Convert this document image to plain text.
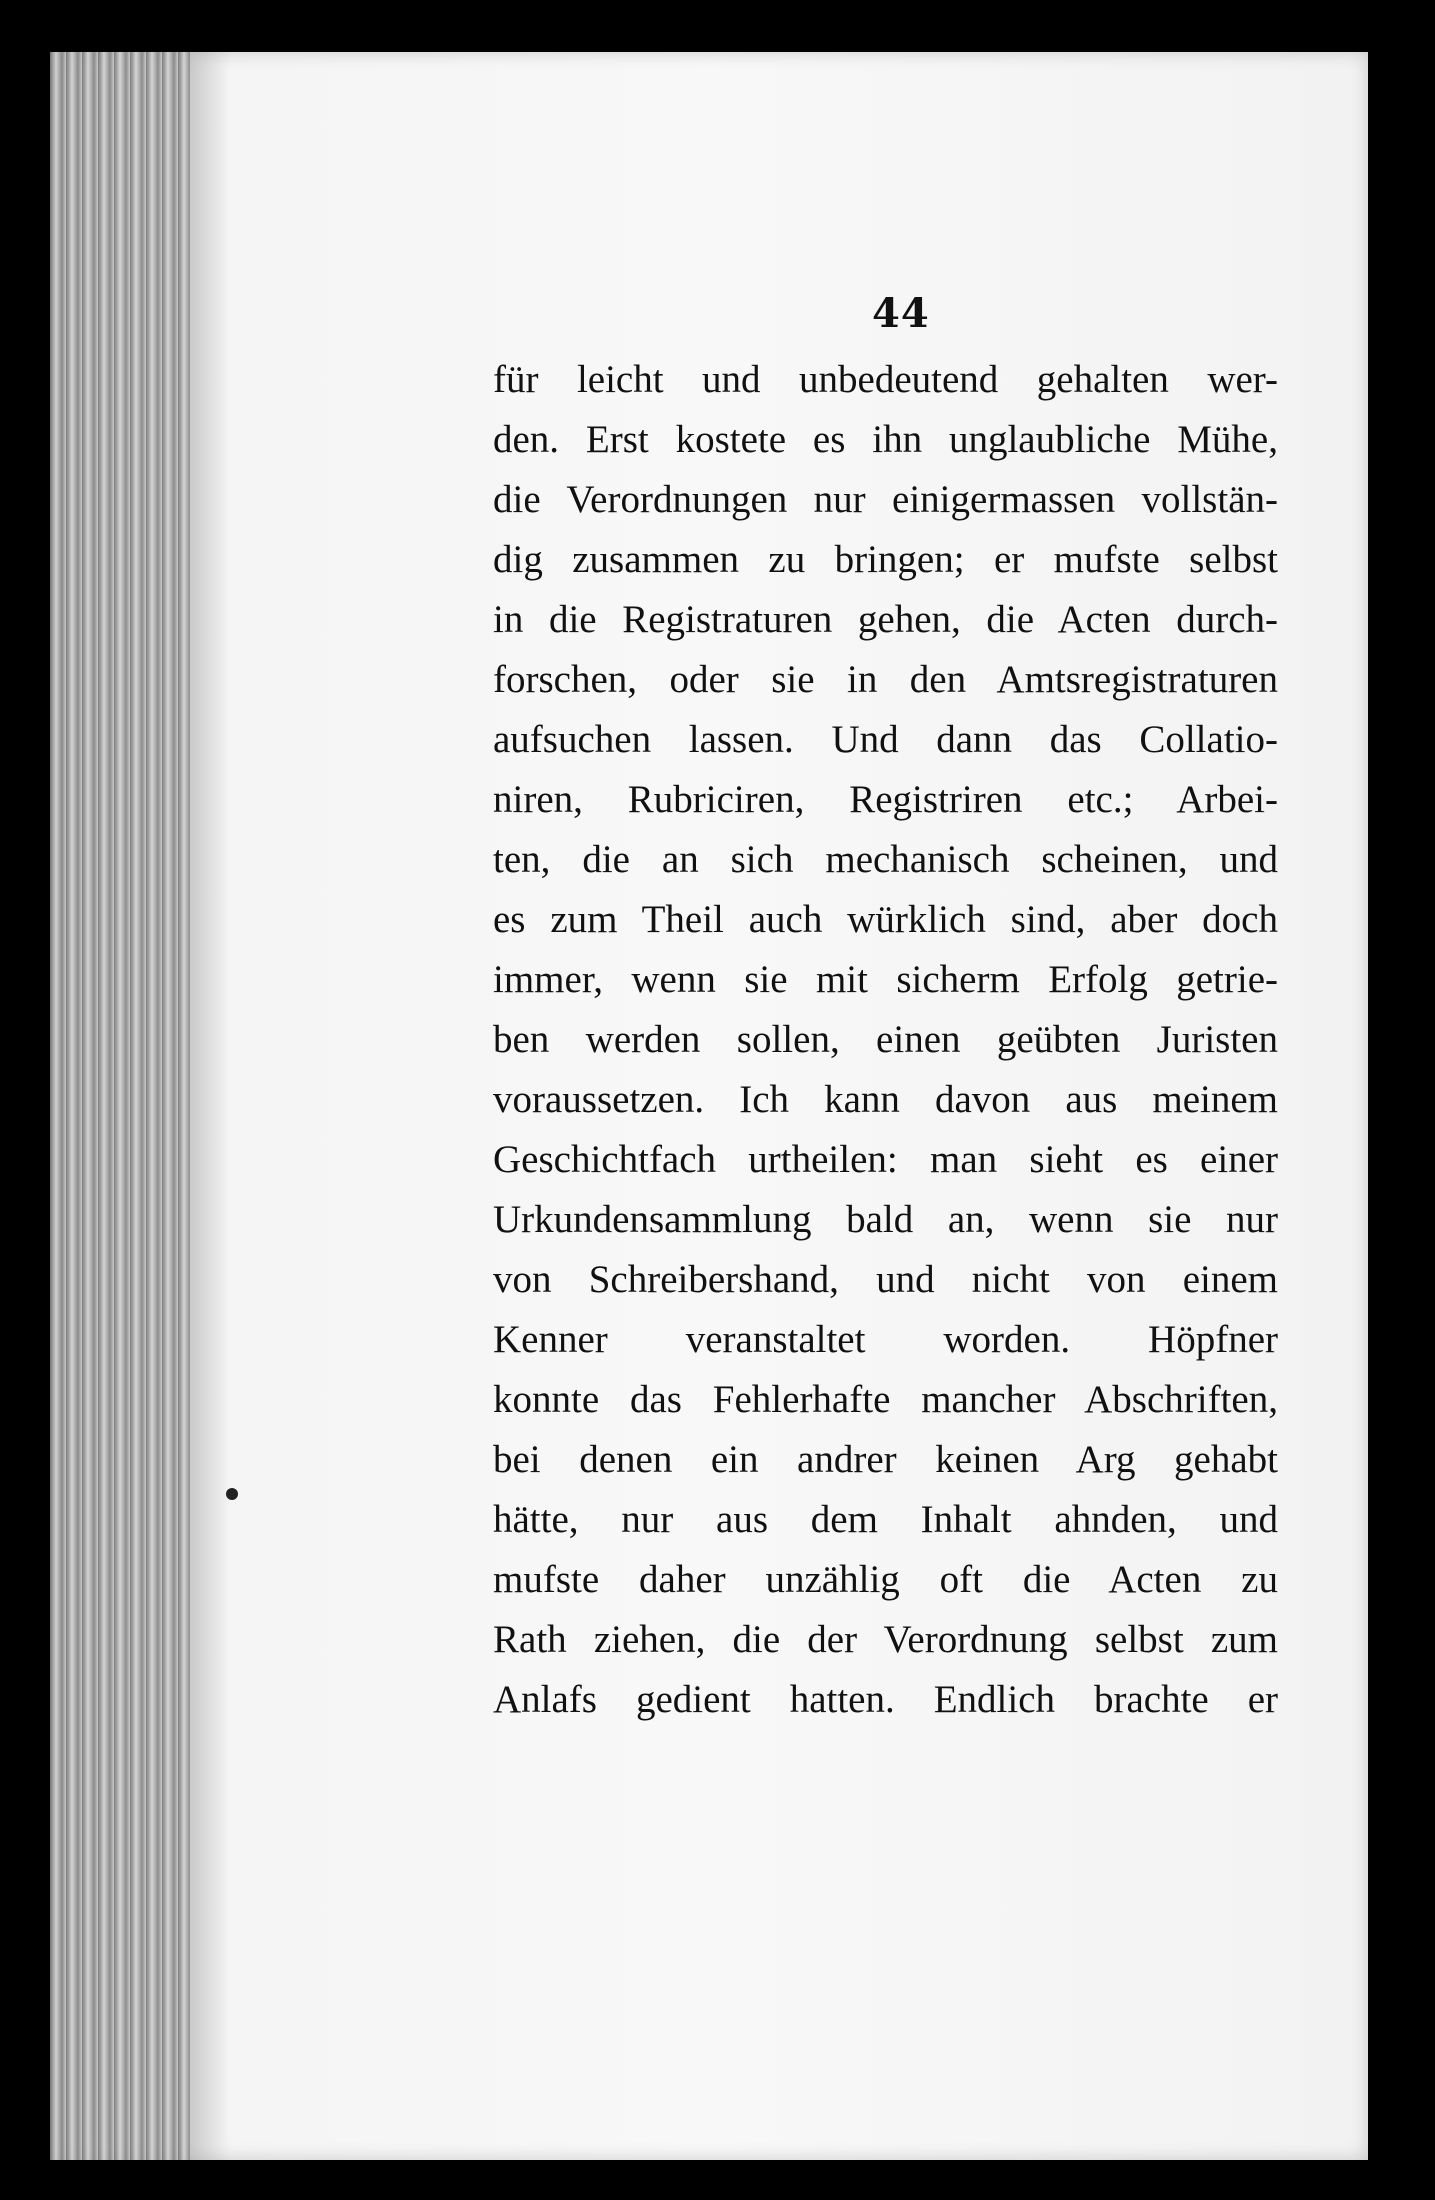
44
für leicht und unbedeutend gehalten wer-
den. Erst kostete es ihn unglaubliche Mühe,
die Verordnungen nur einigermassen vollstän-
dig zusammen zu bringen; er mufste selbst
in die Registraturen gehen, die Acten durch-
forschen, oder sie in den Amtsregistraturen
aufsuchen lassen. Und dann das Collatio-
niren, Rubriciren, Registriren etc.; Arbei-
ten, die an sich mechanisch scheinen, und
es zum Theil auch würklich sind, aber doch
immer, wenn sie mit sicherm Erfolg getrie-
ben werden sollen, einen geübten Juristen
voraussetzen. Ich kann davon aus meinem
Geschichtfach urtheilen: man sieht es einer
Urkundensammlung bald an, wenn sie nur
von Schreibershand, und nicht von einem
Kenner veranstaltet worden. Höpfner
konnte das Fehlerhafte mancher Abschriften,
bei denen ein andrer keinen Arg gehabt
hätte, nur aus dem Inhalt ahnden, und
mufste daher unzählig oft die Acten zu
Rath ziehen, die der Verordnung selbst zum
Anlafs gedient hatten. Endlich brachte er
